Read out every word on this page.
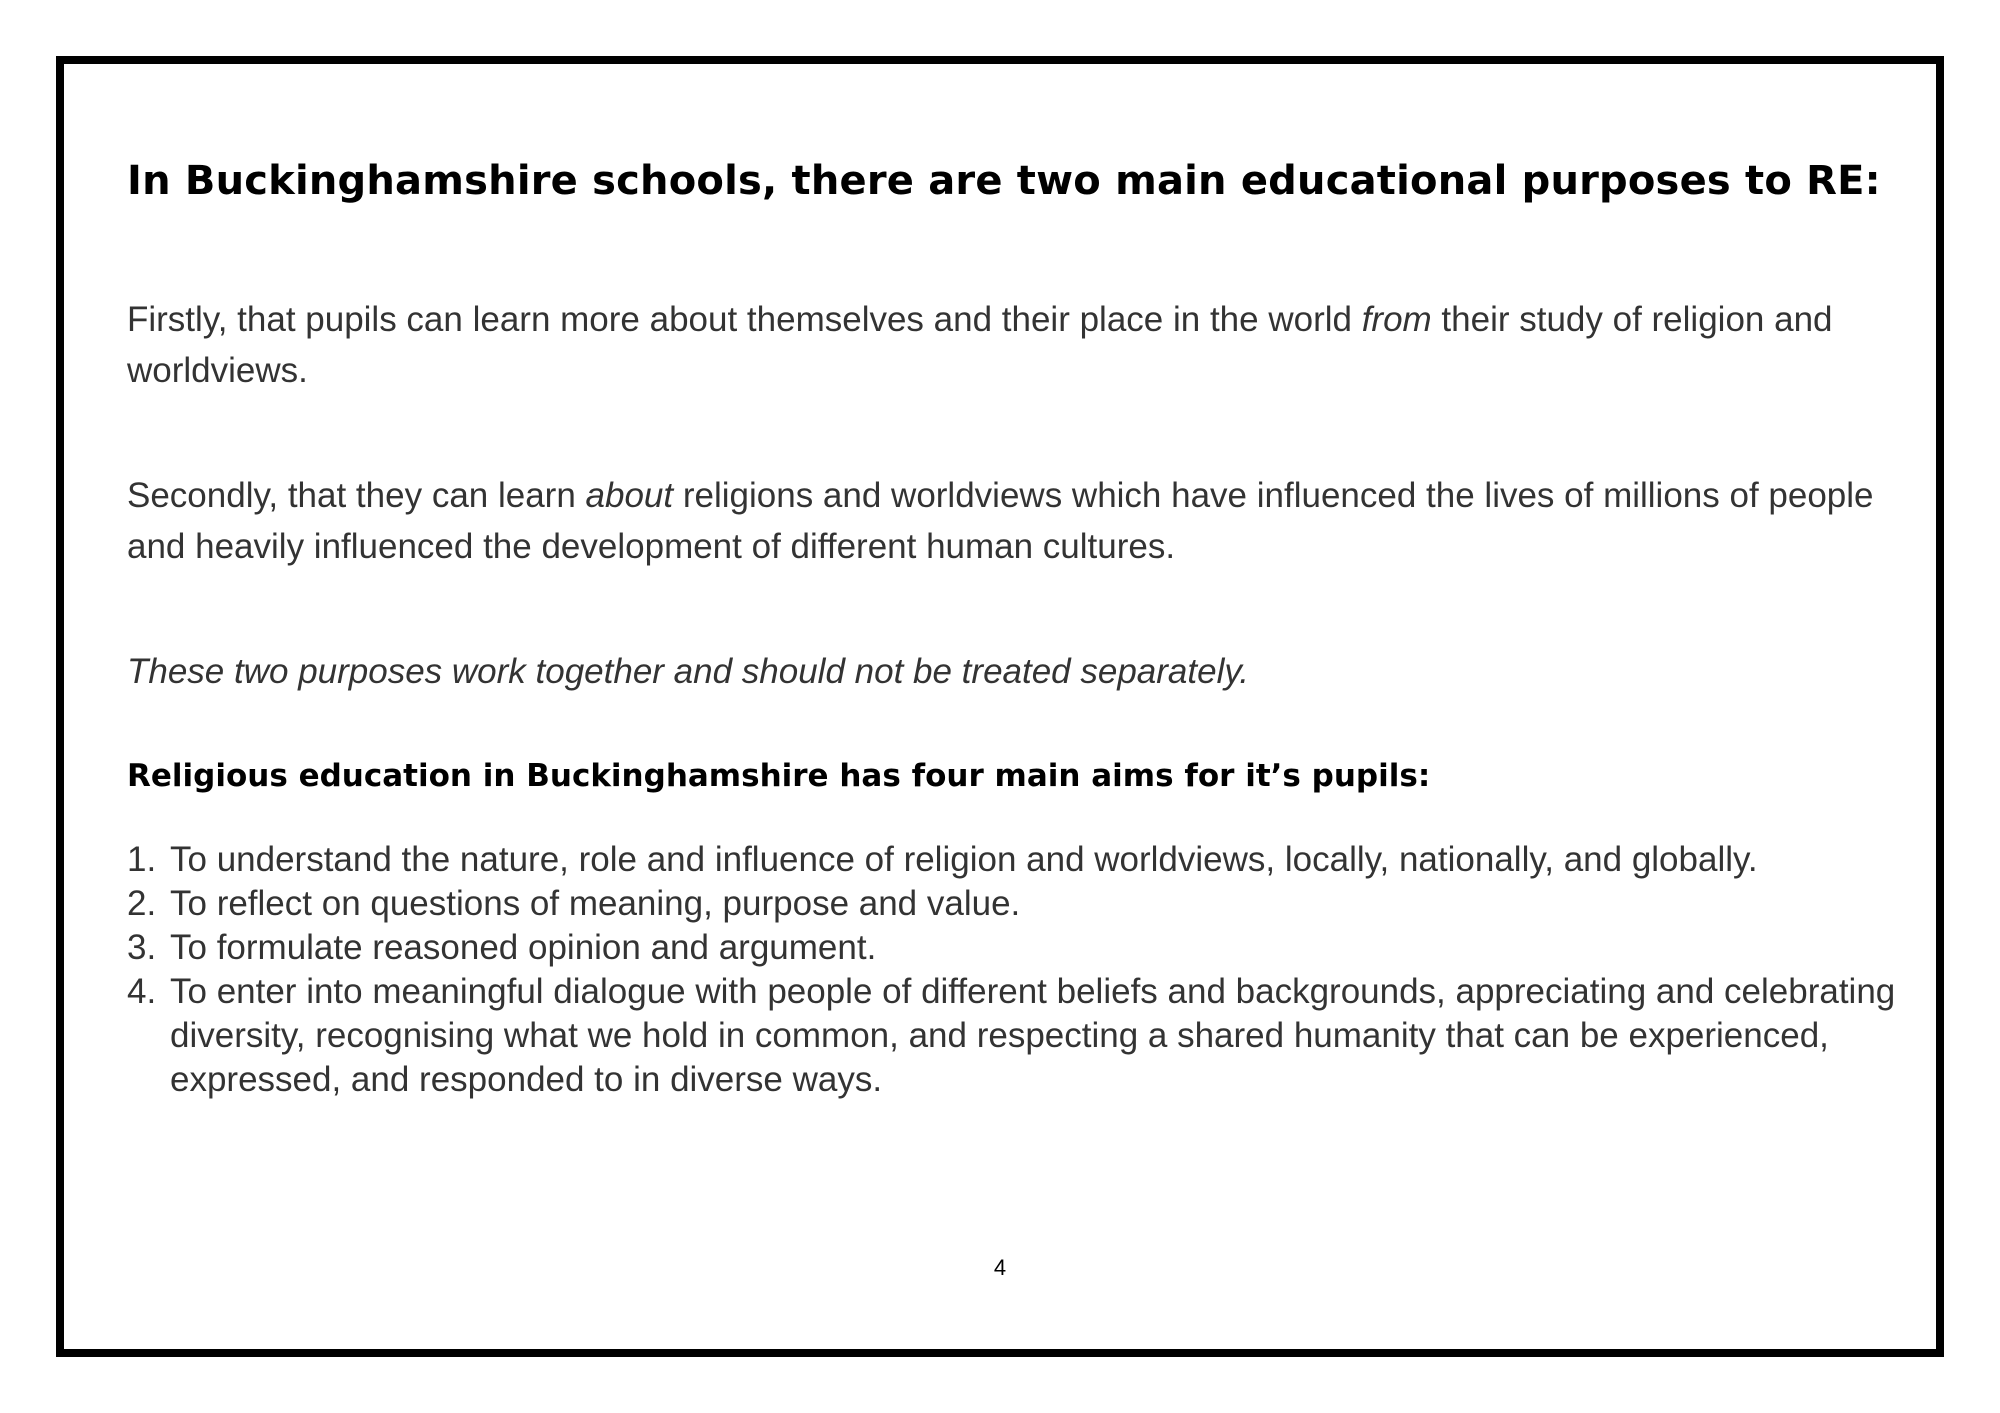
In Buckinghamshire schools, there are two main educational purposes to RE:

Firstly, that pupils can learn more about themselves and their place in the world from their study of religion and worldviews.

Secondly, that they can learn about religions and worldviews which have influenced the lives of millions of people and heavily influenced the development of different human cultures.

These two purposes work together and should not be treated separately.

Religious education in Buckinghamshire has four main aims for it’s pupils:
1. To understand the nature, role and influence of religion and worldviews, locally, nationally, and globally.
2. To reflect on questions of meaning, purpose and value.
3. To formulate reasoned opinion and argument.
4. To enter into meaningful dialogue with people of different beliefs and backgrounds, appreciating and celebrating diversity, recognising what we hold in common, and respecting a shared humanity that can be experienced, expressed, and responded to in diverse ways.
4
